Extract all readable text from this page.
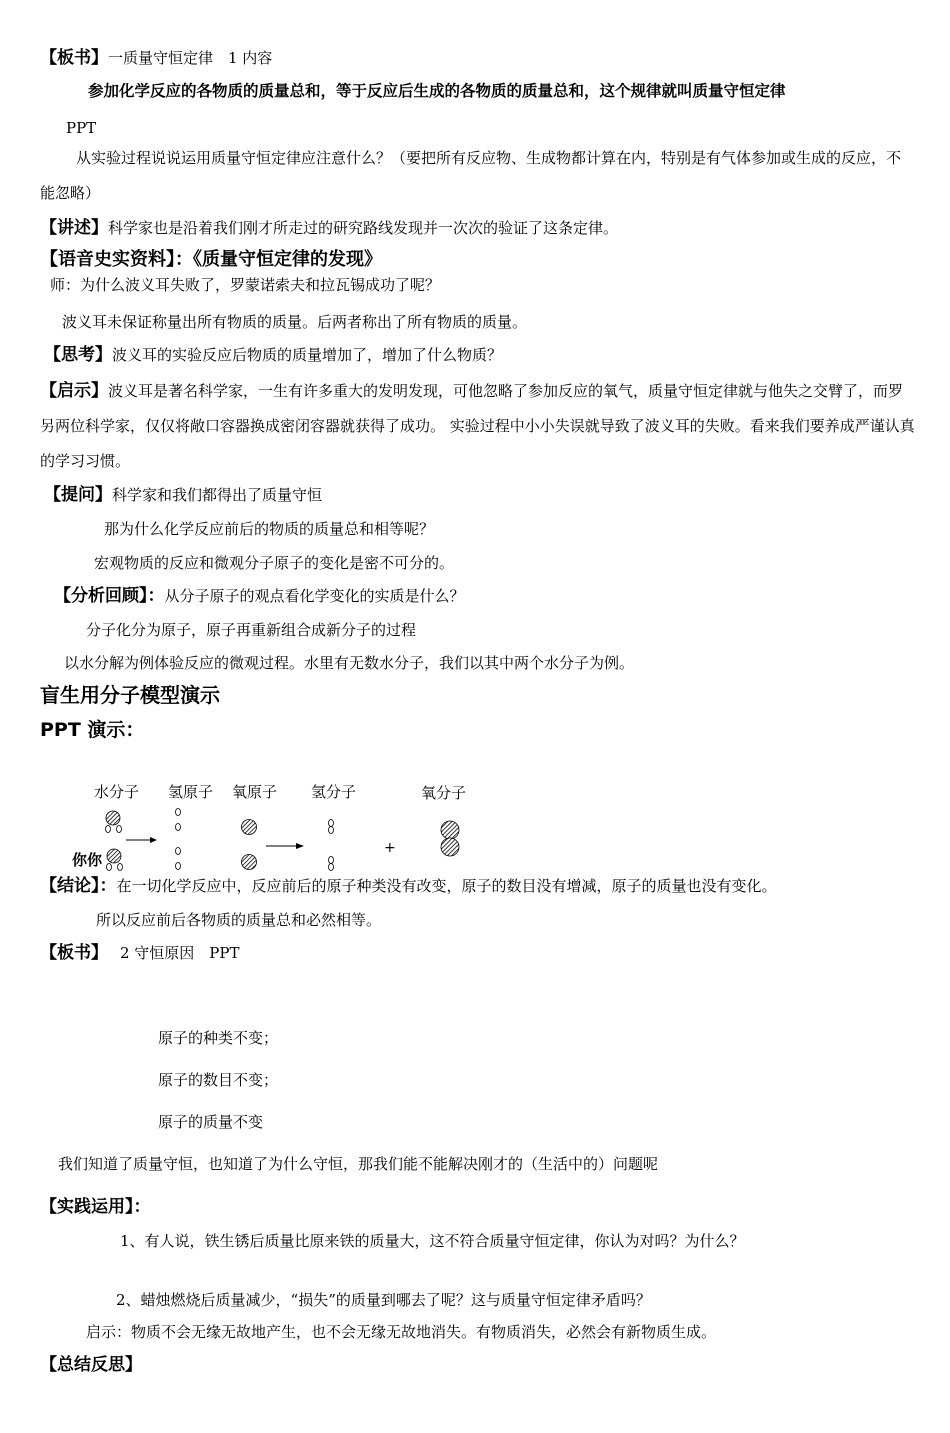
【板书】一质量守恒定律　1 内容
参加化学反应的各物质的质量总和，等于反应后生成的各物质的质量总和，这个规律就叫质量守恒定律
PPT
从实验过程说说运用质量守恒定律应注意什么？（要把所有反应物、生成物都计算在内，特别是有气体参加或生成的反应，不能忽略）
【讲述】科学家也是沿着我们刚才所走过的研究路线发现并一次次的验证了这条定律。
【语音史实资料】：《质量守恒定律的发现》
师：为什么波义耳失败了，罗蒙诺索夫和拉瓦锡成功了呢？
波义耳未保证称量出所有物质的质量。后两者称出了所有物质的质量。
【思考】波义耳的实验反应后物质的质量增加了，增加了什么物质？
【启示】波义耳是著名科学家，一生有许多重大的发明发现，可他忽略了参加反应的氧气，质量守恒定律就与他失之交臂了，而罗另两位科学家，仅仅将敞口容器换成密闭容器就获得了成功。 实验过程中小小失误就导致了波义耳的失败。看来我们要养成严谨认真的学习习惯。
【提问】科学家和我们都得出了质量守恒
那为什么化学反应前后的物质的质量总和相等呢？
宏观物质的反应和微观分子原子的变化是密不可分的。
【分析回顾】：从分子原子的观点看化学变化的实质是什么？
分子化分为原子，原子再重新组合成新分子的过程
以水分解为例体验反应的微观过程。水里有无数水分子，我们以其中两个水分子为例。
盲生用分子模型演示
PPT 演示：
水分子 氢原子 氧原子 氢分子	氧分子
+
你你
【结论】：在一切化学反应中，反应前后的原子种类没有改变，原子的数目没有增减，原子的质量也没有变化。
所以反应前后各物质的质量总和必然相等。
【板书】 2 守恒原因　PPT
原子的种类不变；
原子的数目不变；
原子的质量不变
我们知道了质量守恒，也知道了为什么守恒，那我们能不能解决刚才的（生活中的）问题呢
【实践运用】：
1、有人说，铁生锈后质量比原来铁的质量大，这不符合质量守恒定律，你认为对吗？为什么？
2、蜡烛燃烧后质量减少，“损失”的质量到哪去了呢？这与质量守恒定律矛盾吗？
启示：物质不会无缘无故地产生，也不会无缘无故地消失。有物质消失，必然会有新物质生成。
【总结反思】
